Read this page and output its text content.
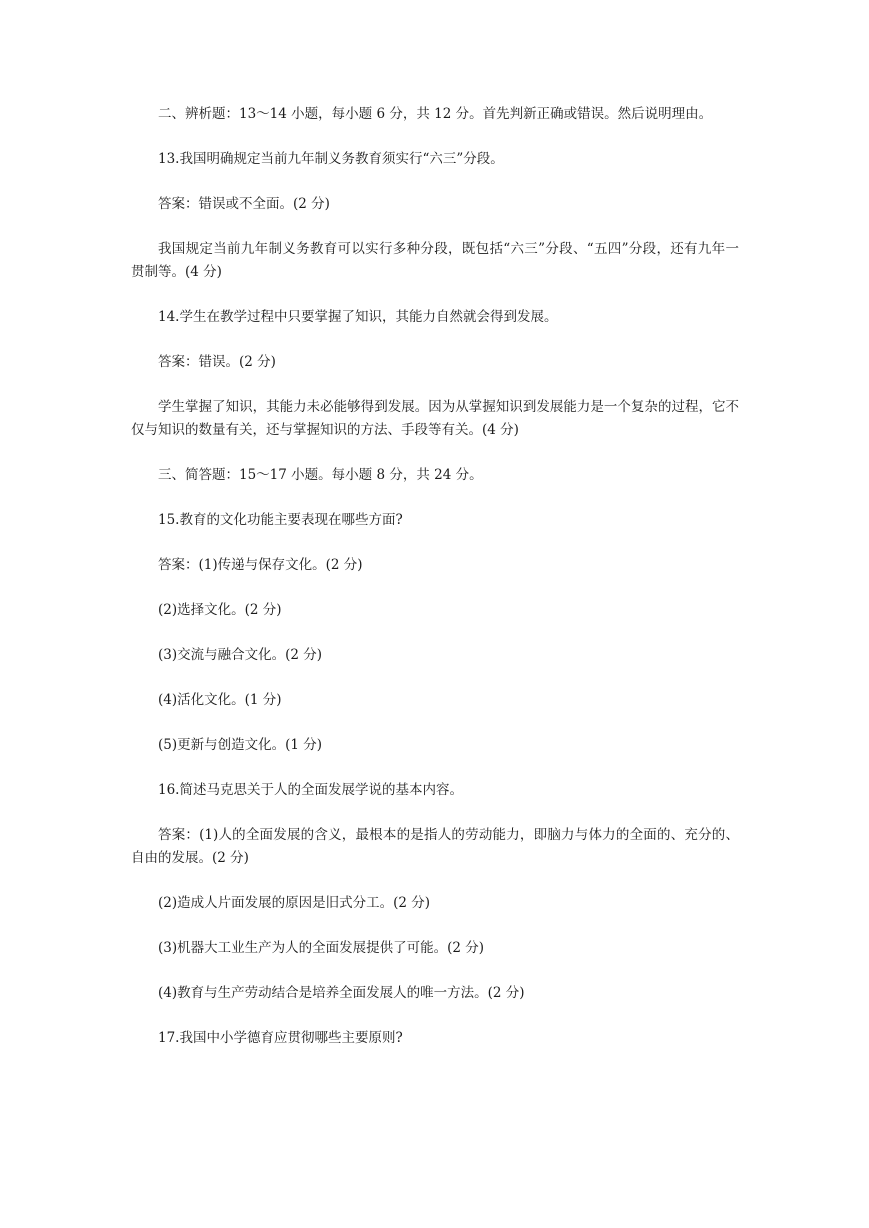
二、辨析题：13～14 小题，每小题 6 分，共 12 分。首先判新正确或错误。然后说明理由。

13.我国明确规定当前九年制义务教育须实行“六三”分段。

答案：错误或不全面。(2 分)

我国规定当前九年制义务教育可以实行多种分段，既包括“六三”分段、“五四”分段，还有九年一贯制等。(4 分)

14.学生在教学过程中只要掌握了知识，其能力自然就会得到发展。

答案：错误。(2 分)

学生掌握了知识，其能力未必能够得到发展。因为从掌握知识到发展能力是一个复杂的过程，它不仅与知识的数量有关，还与掌握知识的方法、手段等有关。(4 分)

三、简答题：15～17 小题。每小题 8 分，共 24 分。

15.教育的文化功能主要表现在哪些方面?

答案：(1)传递与保存文化。(2 分)

(2)选择文化。(2 分)

(3)交流与融合文化。(2 分)

(4)活化文化。(1 分)

(5)更新与创造文化。(1 分)

16.简述马克思关于人的全面发展学说的基本内容。

答案：(1)人的全面发展的含义，最根本的是指人的劳动能力，即脑力与体力的全面的、充分的、自由的发展。(2 分)

(2)造成人片面发展的原因是旧式分工。(2 分)

(3)机器大工业生产为人的全面发展提供了可能。(2 分)

(4)教育与生产劳动结合是培养全面发展人的唯一方法。(2 分)

17.我国中小学德育应贯彻哪些主要原则?
